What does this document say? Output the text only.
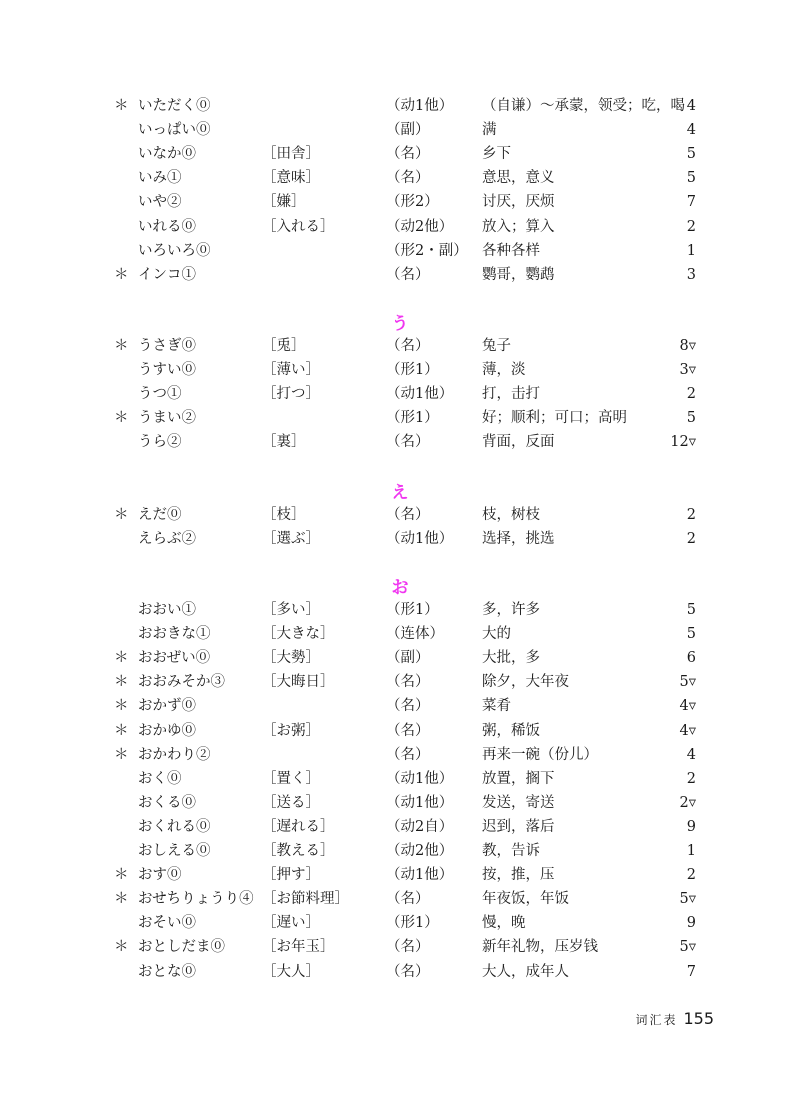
词汇表 155
＊ いただく⓪	（动1他） （自谦）～承蒙，领受；吃，喝 4
いっぱい⓪	（副）	满	4
いなか⓪	［田舎］	（名）	乡下	5
いみ①	［意味］	（名）	意思，意义	5
いや②	［嫌］	（形2）	讨厌，厌烦	7
いれる⓪	［入れる］	（动2他） 放入；算入	2
いろいろ⓪	（形2・副） 各种各样	1
＊ インコ①	（名）	鹦哥，鹦鹉	3
う
＊ うさぎ⓪	［兎］	（名）	兔子	8▿
うすい⓪	［薄い］	（形1）	薄，淡	3▿
うつ①	［打つ］	（动1他） 打，击打	2
＊ うまい②	（形1）	好；顺利；可口；高明	5
うら②	［裏］	（名）	背面，反面	12▿
え
＊ えだ⓪	［枝］	（名）	枝，树枝	2
えらぶ②	［選ぶ］	（动1他） 选择，挑选	2
お
おおい①	［多い］	（形1）	多，许多	5
おおきな①	［大きな］	（连体）	大的	5
＊ おおぜい⓪	［大勢］	（副）	大批，多	6
＊ おおみそか③	［大晦日］	（名）	除夕，大年夜	5▿
＊ おかず⓪	（名）	菜肴	4▿
＊ おかゆ⓪	［お粥］	（名）	粥，稀饭	4▿
＊ おかわり②	（名）	再来一碗（份儿）	4
おく⓪	［置く］	（动1他） 放置，搁下	2
おくる⓪	［送る］	（动1他） 发送，寄送	2▿
おくれる⓪	［遅れる］	（动2自） 迟到，落后	9
おしえる⓪	［教える］	（动2他） 教，告诉	1
＊ おす⓪	［押す］	（动1他） 按，推，压	2
＊ おせちりょうり④ ［お節料理］	（名）	年夜饭，年饭	5▿
おそい⓪	［遅い］	（形1）	慢，晚	9
＊ おとしだま⓪	［お年玉］	（名）	新年礼物，压岁钱	5▿
おとな⓪	［大人］	（名）	大人，成年人	7
